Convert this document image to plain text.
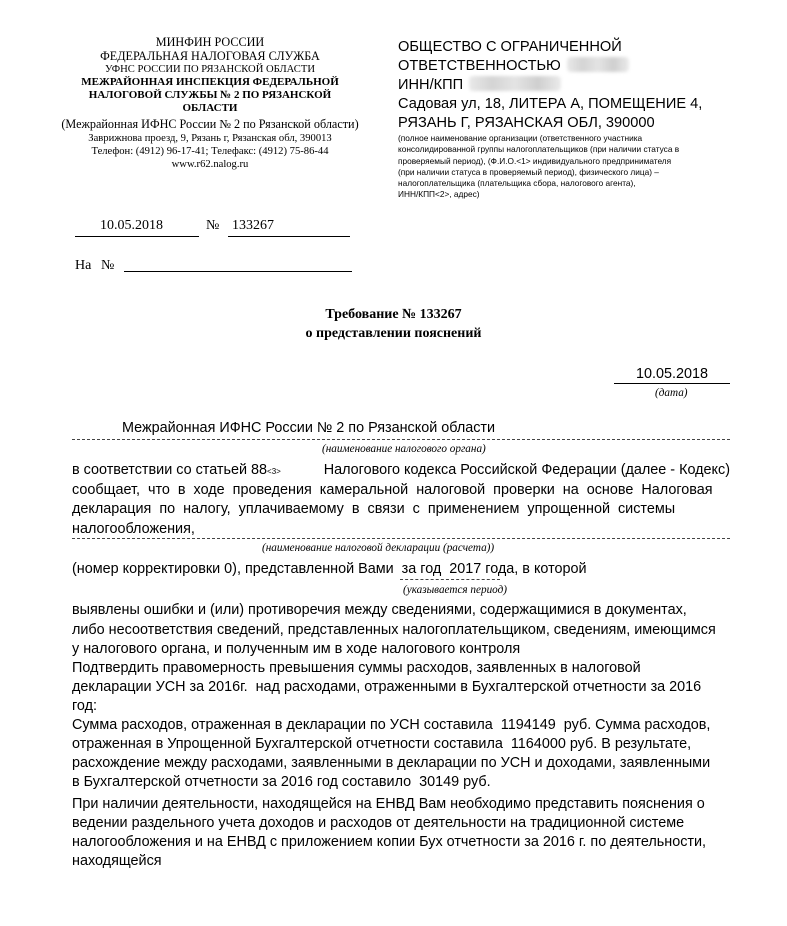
МИНФИН РОССИИ
ФЕДЕРАЛЬНАЯ НАЛОГОВАЯ СЛУЖБА
УФНС РОССИИ ПО РЯЗАНСКОЙ ОБЛАСТИ
МЕЖРАЙОННАЯ ИНСПЕКЦИЯ ФЕДЕРАЛЬНОЙ
НАЛОГОВОЙ СЛУЖБЫ № 2 ПО РЯЗАНСКОЙ
ОБЛАСТИ
(Межрайонная ИФНС России № 2 по Рязанской области)
Заврижнова проезд, 9, Рязань г, Рязанская обл, 390013
Телефон: (4912) 96-17-41; Телефакс: (4912) 75-86-44
www.r62.nalog.ru
ОБЩЕСТВО С ОГРАНИЧЕННОЙ
ОТВЕТСТВЕННОСТЬЮ
ИНН/КПП
Садовая ул, 18, ЛИТЕРА А, ПОМЕЩЕНИЕ 4,
РЯЗАНЬ Г, РЯЗАНСКАЯ ОБЛ, 390000
(полное наименование организации (ответственного участника
консолидированной группы налогоплательщиков (при наличии статуса в
проверяемый период), (Ф.И.О.<1> индивидуального предпринимателя
(при наличии статуса в проверяемый период), физического лица) –
налогоплательщика (плательщика сбора, налогового агента),
ИНН/КПП<2>, адрес)
10.05.2018	№ 133267
На №
Требование № 133267
о представлении пояснений
10.05.2018
(дата)
Межрайонная ИФНС России № 2 по Рязанской области
(наименование налогового органа)
в соответствии со статьей 88<3>	Налогового кодекса Российской Федерации (далее - Кодекс)
сообщает,  что  в  ходе  проведения  камеральной  налоговой  проверки  на  основе  Налоговая
декларация  по  налогу,  уплачиваемому  в  связи  с  применением  упрощенной  системы
налогообложения,
(наименование налоговой декларации (расчета))
(номер корректировки 0), представленной Вами  за год  2017 года, в которой
(указывается период)
выявлены ошибки и (или) противоречия между сведениями, содержащимися в документах,
либо несоответствия сведений, представленных налогоплательщиком, сведениям, имеющимся
у налогового органа, и полученным им в ходе налогового контроля
Подтвердить правомерность превышения суммы расходов, заявленных в налоговой
декларации УСН за 2016г.  над расходами, отраженными в Бухгалтерской отчетности за 2016
год:
Сумма расходов, отраженная в декларации по УСН составила  1194149  руб. Сумма расходов,
отраженная в Упрощенной Бухгалтерской отчетности составила  1164000 руб. В результате,
расхождение между расходами, заявленными в декларации по УСН и доходами, заявленными
в Бухгалтерской отчетности за 2016 год составило  30149 руб.
При наличии деятельности, находящейся на ЕНВД Вам необходимо представить пояснения о
ведении раздельного учета доходов и расходов от деятельности на традиционной системе
налогообложения и на ЕНВД с приложением копии Бух отчетности за 2016 г. по деятельности,
находящейся
